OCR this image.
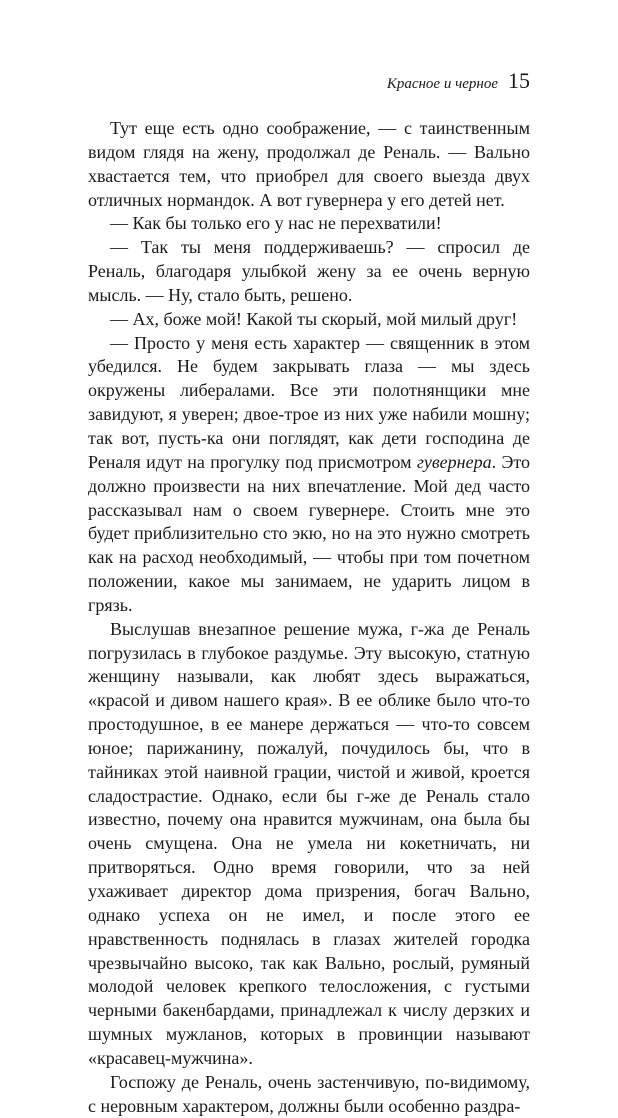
Красное и черное 15

Тут еще есть одно соображение, — с таинственным видом глядя на жену, продолжал де Реналь. — Вально хвастается тем, что приобрел для своего выезда двух отличных нормандок. А вот гувернера у его детей нет.

— Как бы только его у нас не перехватили!

— Так ты меня поддерживаешь? — спросил де Реналь, благодаря улыбкой жену за ее очень верную мысль. — Ну, стало быть, решено.

— Ах, боже мой! Какой ты скорый, мой милый друг!

— Просто у меня есть характер — священник в этом убедился. Не будем закрывать глаза — мы здесь окружены либералами. Все эти полотнянщики мне завидуют, я уверен; двое-трое из них уже набили мошну; так вот, пусть-ка они поглядят, как дети господина де Реналя идут на прогулку под присмотром гувернера. Это должно произвести на них впечатление. Мой дед часто рассказывал нам о своем гувернере. Стоить мне это будет приблизительно сто экю, но на это нужно смотреть как на расход необходимый, — чтобы при том почетном положении, какое мы занимаем, не ударить лицом в грязь.

Выслушав внезапное решение мужа, г-жа де Реналь погрузилась в глубокое раздумье. Эту высокую, статную женщину называли, как любят здесь выражаться, «красой и дивом нашего края». В ее облике было что-то простодушное, в ее манере держаться — что-то совсем юное; парижанину, пожалуй, почудилось бы, что в тайниках этой наивной грации, чистой и живой, кроется сладострастие. Однако, если бы г-же де Реналь стало известно, почему она нравится мужчинам, она была бы очень смущена. Она не умела ни кокетничать, ни притворяться. Одно время говорили, что за ней ухаживает директор дома призрения, богач Вально, однако успеха он не имел, и после этого ее нравственность поднялась в глазах жителей городка чрезвычайно высоко, так как Вально, рослый, румяный молодой человек крепкого телосложения, с густыми черными бакенбардами, принадлежал к числу дерзких и шумных мужланов, которых в провинции называют «красавец-мужчина».

Госпожу де Реналь, очень застенчивую, по-видимому, с неровным характером, должны были особенно раздра-
